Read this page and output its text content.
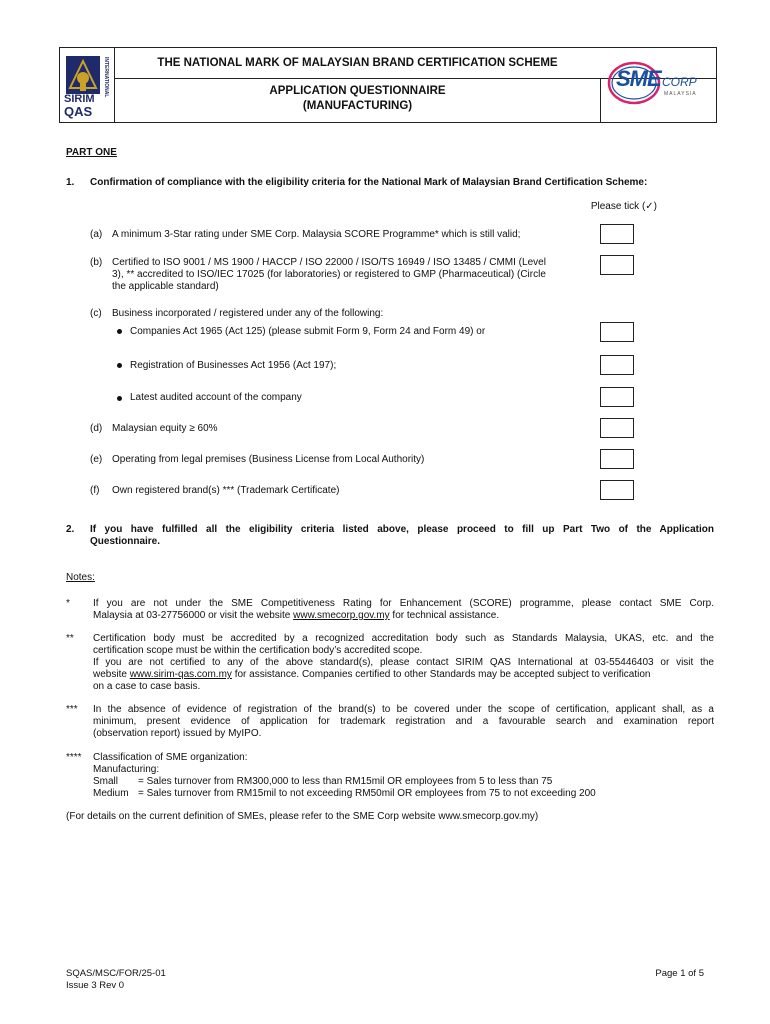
INTERNATIONAL
SIRIM
QAS
THE NATIONAL MARK OF MALAYSIAN BRAND CERTIFICATION SCHEME
APPLICATION QUESTIONNAIRE
(MANUFACTURING)
SME CORP
MALAYSIA
PART ONE
1. Confirmation of compliance with the eligibility criteria for the National Mark of Malaysian Brand Certification Scheme:
Please tick (✓)
(a) A minimum 3-Star rating under SME Corp. Malaysia SCORE Programme* which is still valid;
(b) Certified to ISO 9001 / MS 1900 / HACCP / ISO 22000 / ISO/TS 16949 / ISO 13485 / CMMI (Level
3), ** accredited to ISO/IEC 17025 (for laboratories) or registered to GMP (Pharmaceutical) (Circle
the applicable standard)
(c) Business incorporated / registered under any of the following:
Companies Act 1965 (Act 125) (please submit Form 9, Form 24 and Form 49) or
Registration of Businesses Act 1956 (Act 197);
Latest audited account of the company
(d) Malaysian equity ≥ 60%
(e) Operating from legal premises (Business License from Local Authority)
(f) Own registered brand(s) *** (Trademark Certificate)
2. If you have fulfilled all the eligibility criteria listed above, please proceed to fill up Part Two of the Application
Questionnaire.
Notes:
* If you are not under the SME Competitiveness Rating for Enhancement (SCORE) programme, please contact SME Corp.
Malaysia at 03-27756000 or visit the website www.smecorp.gov.my for technical assistance.
** Certification body must be accredited by a recognized accreditation body such as Standards Malaysia, UKAS, etc. and the
certification scope must be within the certification body’s accredited scope.
If you are not certified to any of the above standard(s), please contact SIRIM QAS International at 03-55446403 or visit the
website www.sirim-qas.com.my for assistance. Companies certified to other Standards may be accepted subject to verification
on a case to case basis.
*** In the absence of evidence of registration of the brand(s) to be covered under the scope of certification, applicant shall, as a
minimum, present evidence of application for trademark registration and a favourable search and examination report
(observation report) issued by MyIPO.
**** Classification of SME organization:
Manufacturing:
Small = Sales turnover from RM300,000 to less than RM15mil OR employees from 5 to less than 75
Medium = Sales turnover from RM15mil to not exceeding RM50mil OR employees from 75 to not exceeding 200
(For details on the current definition of SMEs, please refer to the SME Corp website www.smecorp.gov.my)
SQAS/MSC/FOR/25-01
Issue 3 Rev 0
Page 1 of 5
